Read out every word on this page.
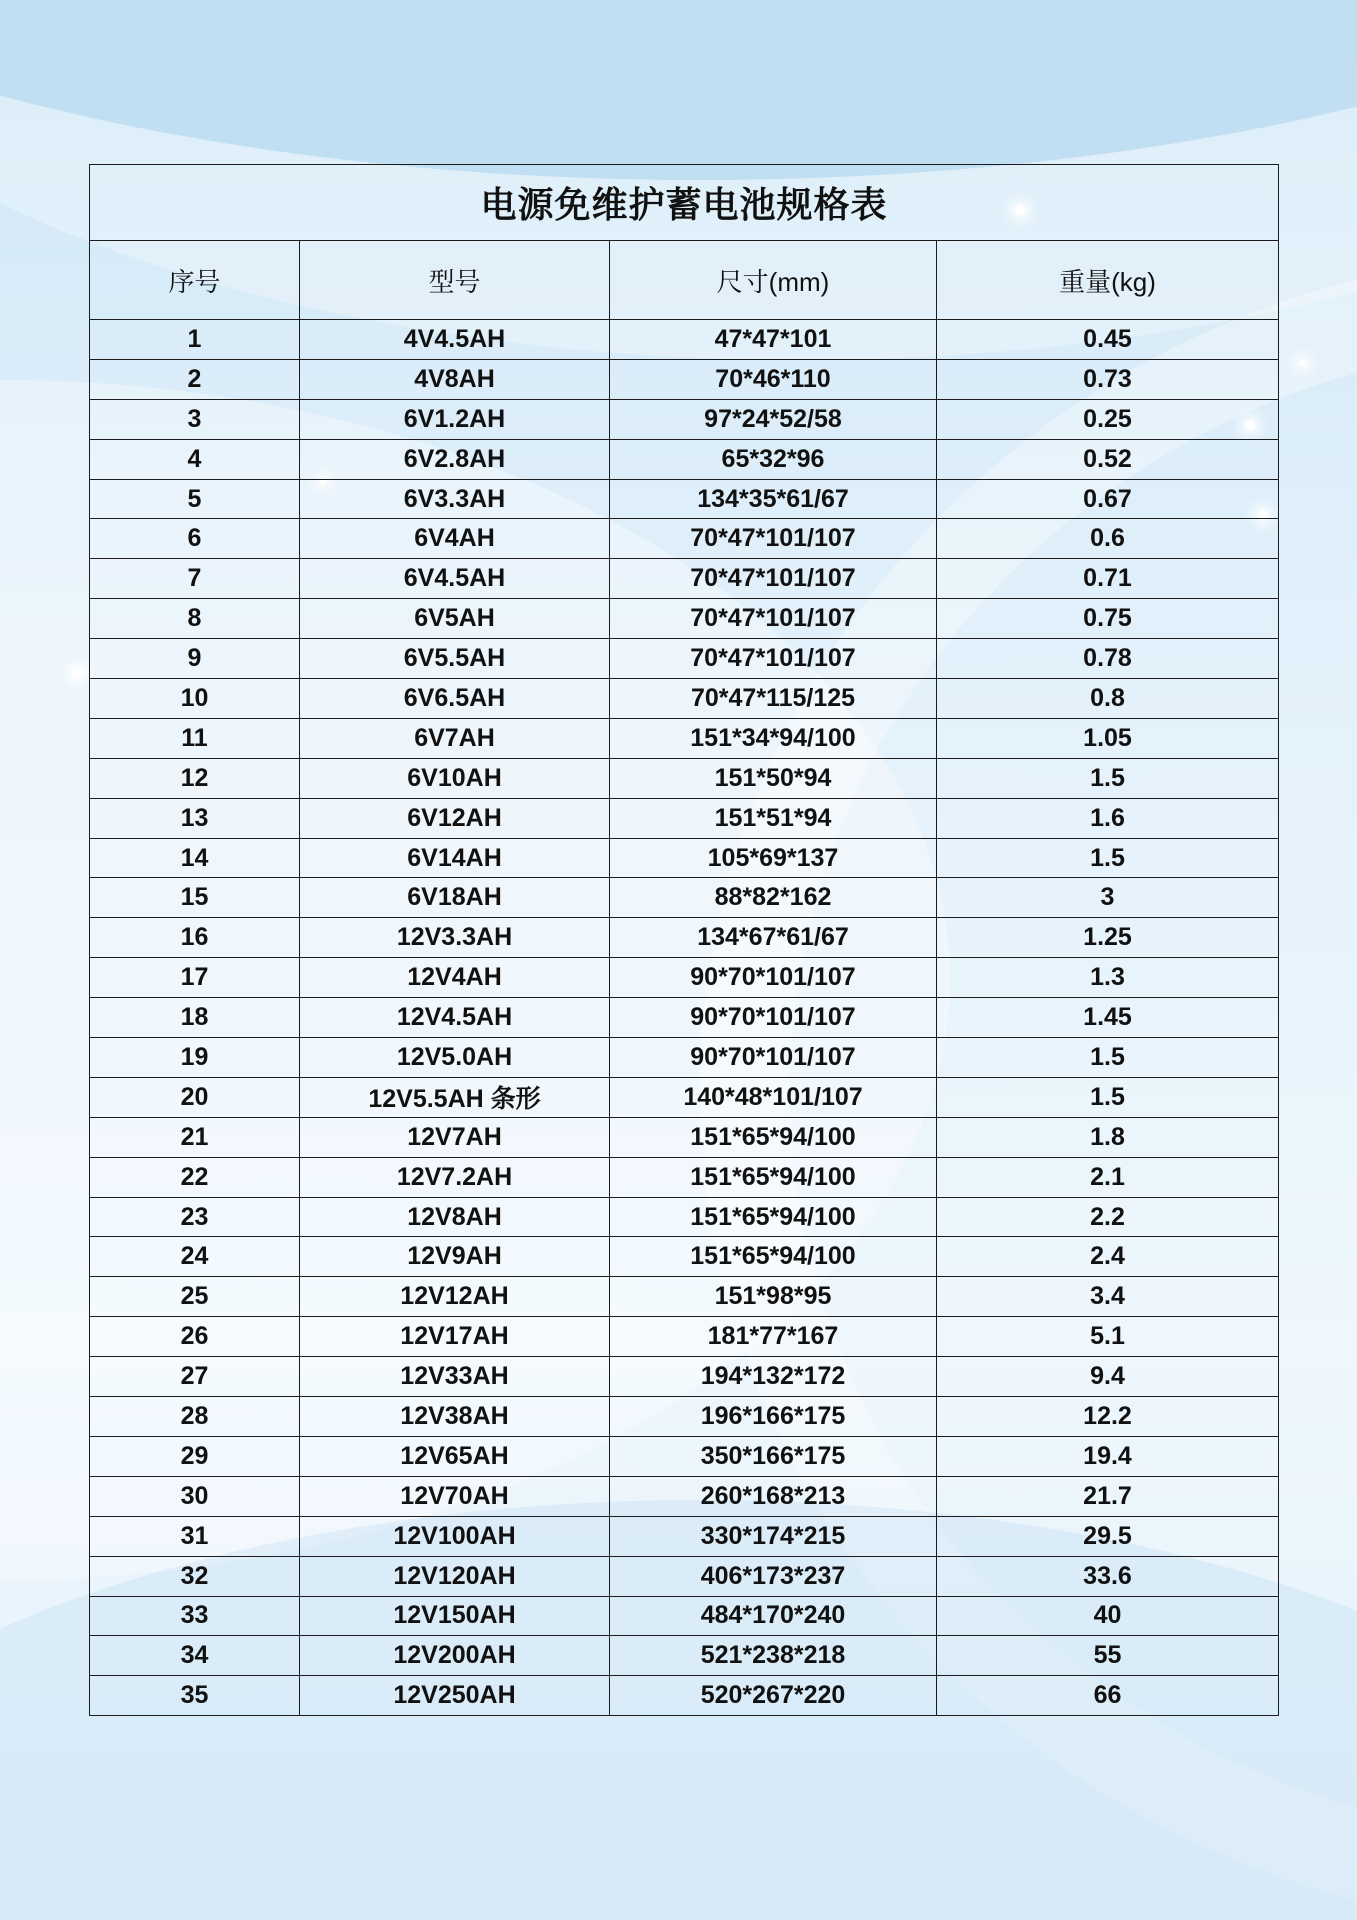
电源免维护蓄电池规格表			
序号	型号	尺寸(mm)	重量(kg)
1	4V4.5AH	47*47*101	0.45
2	4V8AH	70*46*110	0.73
3	6V1.2AH	97*24*52/58	0.25
4	6V2.8AH	65*32*96	0.52
5	6V3.3AH	134*35*61/67	0.67
6	6V4AH	70*47*101/107	0.6
7	6V4.5AH	70*47*101/107	0.71
8	6V5AH	70*47*101/107	0.75
9	6V5.5AH	70*47*101/107	0.78
10	6V6.5AH	70*47*115/125	0.8
11	6V7AH	151*34*94/100	1.05
12	6V10AH	151*50*94	1.5
13	6V12AH	151*51*94	1.6
14	6V14AH	105*69*137	1.5
15	6V18AH	88*82*162	3
16	12V3.3AH	134*67*61/67	1.25
17	12V4AH	90*70*101/107	1.3
18	12V4.5AH	90*70*101/107	1.45
19	12V5.0AH	90*70*101/107	1.5
20	12V5.5AH 条形	140*48*101/107	1.5
21	12V7AH	151*65*94/100	1.8
22	12V7.2AH	151*65*94/100	2.1
23	12V8AH	151*65*94/100	2.2
24	12V9AH	151*65*94/100	2.4
25	12V12AH	151*98*95	3.4
26	12V17AH	181*77*167	5.1
27	12V33AH	194*132*172	9.4
28	12V38AH	196*166*175	12.2
29	12V65AH	350*166*175	19.4
30	12V70AH	260*168*213	21.7
31	12V100AH	330*174*215	29.5
32	12V120AH	406*173*237	33.6
33	12V150AH	484*170*240	40
34	12V200AH	521*238*218	55
35	12V250AH	520*267*220	66
